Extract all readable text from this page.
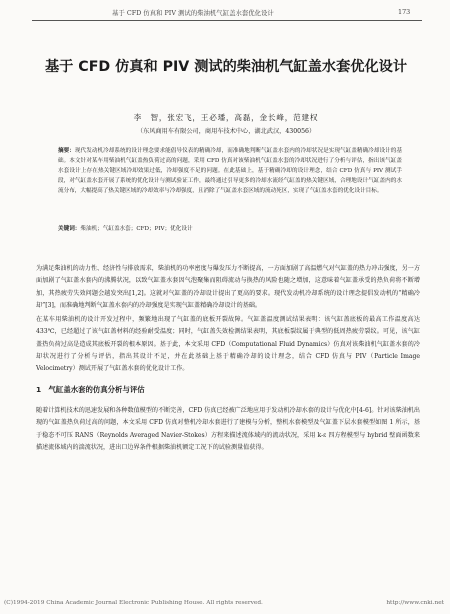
基于 CFD 仿真和 PIV 测试的柴油机气缸盖水套优化设计	173
基于 CFD 仿真和 PIV 测试的柴油机气缸盖水套优化设计
李　智，张宏飞，王必璠，高磊，金长峰，范建权
（东风商用车有限公司，商用车技术中心，湖北武汉，430056）
摘要：现代发动机冷却系统的设计理念要求能倡导仪表的精确冷却，而准确地判断气缸盖水套内的冷却状况是实现气缸盖精确冷却设计的基础。本文针对某车用柴油机气缸盖热负荷过高的问题，采用 CFD 仿真对该柴油机气缸盖水套的冷却状况进行了分析与评估，指出该气缸盖水套设计上存在热关键区域冷却效果过低，冷却强度不足的问题。在此基础上，基于精确冷却的设计理念，结合 CFD 仿真与 PIV 测试手段，对气缸盖水套开展了系统的优化设计与测试验证工作，最终通过引导更多的冷却水流经气缸盖的热关键区域，合理地设计气缸盖内的水流分布，大幅提高了热关键区域的冷却效率与冷却强度，且消除了气缸盖水套区域的流动死区，实现了气缸盖水套的优化设计目标。
关键词：柴油机；气缸盖水套；CFD；PIV；优化设计
为满足柴油机的动力性、经济性与排放需求，柴油机的功率密度与爆发压力不断提高，一方面加剧了高温燃气对气缸盖的热力冲击强度，另一方面加剧了气缸盖水套内的沸腾状况，以致气缸盖水套因气泡聚集而阻碍流动与换热的风险也随之增加，这意味着气缸盖承受的热负荷将不断增加，其热疲劳失效问题会越发突出[1,2]。这就对气缸盖的冷却设计提出了更高的要求。现代发动机冷却系统的设计理念提倡发动机的“精确冷却”[3]，而准确地判断气缸盖水套内的冷却强度是实现气缸盖精确冷却设计的基础。
在某车用柴油机的设计开发过程中，频繁地出现了气缸盖的底板开裂故障。气缸盖温度测试结果表明：该气缸盖底板的最高工作温度高达 433℃，已经超过了该气缸盖材料的经验耐受温度；同时，气缸盖失效检测结果表明，其底板裂纹属于典型的低周热疲劳裂纹。可见，该气缸盖热负荷过高是造成其底板开裂的根本原因。基于此，本文采用 CFD（Computational Fluid Dynamics）仿真对该柴油机气缸盖水套的冷却状况进行了分析与评估，指出其设计不足，并在此基础上基于精确冷却的设计理念，结合 CFD 仿真与 PIV（Particle Image Velocimetry）测试开展了气缸盖水套的优化设计工作。
1　气缸盖水套的仿真分析与评估
随着计算机技术的迅速发展和各种数值模型的不断完善，CFD 仿真已经被广泛地应用于发动机冷却水套的设计与优化中[4-6]。针对该柴油机出现的气缸盖热负荷过高的问题，本文采用 CFD 仿真对整机冷却水套进行了建模与分析，整机水套模型及气缸盖下层水套模型如图 1 所示，基于稳态不可压 RANS（Reynolds Averaged Navier-Stokes）方程来描述流体域内的流动状况，采用 k-ε 四方程模型与 hybrid 壁面函数来描述流体域内的湍流状况，进出口边界条件根据柴油机额定工况下的试验测量值获得。
(C)1994-2019 China Academic Journal Electronic Publishing House. All rights reserved.	http://www.cnki.net
